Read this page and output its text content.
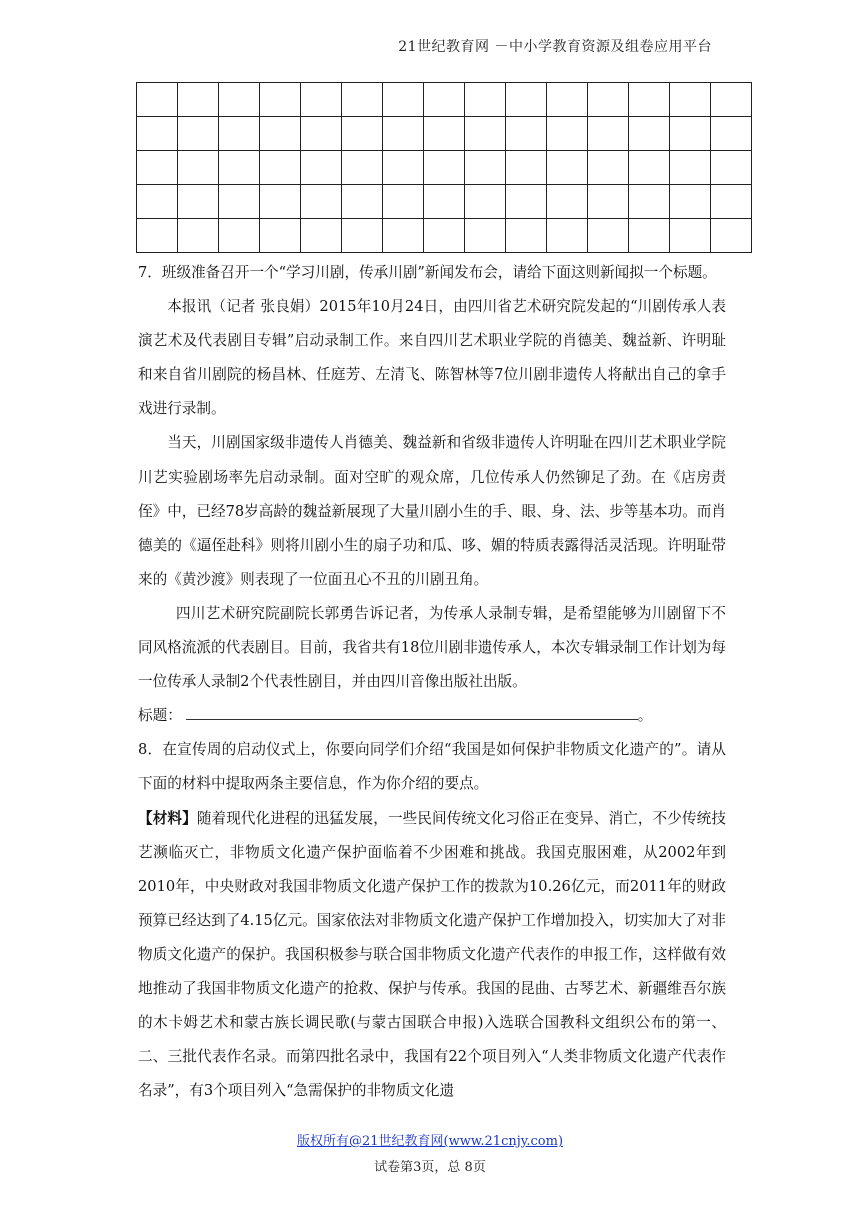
21世纪教育网 －中小学教育资源及组卷应用平台

7．班级准备召开一个“学习川剧，传承川剧”新闻发布会，请给下面这则新闻拟一个标题。

本报讯（记者 张良娟）2015年10月24日，由四川省艺术研究院发起的“川剧传承人表演艺术及代表剧目专辑”启动录制工作。来自四川艺术职业学院的肖德美、魏益新、许明耻和来自省川剧院的杨昌林、任庭芳、左清飞、陈智林等7位川剧非遗传人将献出自己的拿手戏进行录制。

当天，川剧国家级非遗传人肖德美、魏益新和省级非遗传人许明耻在四川艺术职业学院川艺实验剧场率先启动录制。面对空旷的观众席，几位传承人仍然铆足了劲。在《店房责侄》中，已经78岁高龄的魏益新展现了大量川剧小生的手、眼、身、法、步等基本功。而肖德美的《逼侄赴科》则将川剧小生的扇子功和瓜、哆、媚的特质表露得活灵活现。许明耻带来的《黄沙渡》则表现了一位面丑心不丑的川剧丑角。

四川艺术研究院副院长郭勇告诉记者，为传承人录制专辑，是希望能够为川剧留下不同风格流派的代表剧目。目前，我省共有18位川剧非遗传承人，本次专辑录制工作计划为每一位传承人录制2个代表性剧目，并由四川音像出版社出版。

标题：	。

8．在宣传周的启动仪式上，你要向同学们介绍“我国是如何保护非物质文化遗产的”。请从下面的材料中提取两条主要信息，作为你介绍的要点。

【材料】随着现代化进程的迅猛发展，一些民间传统文化习俗正在变异、消亡，不少传统技艺濒临灭亡，非物质文化遗产保护面临着不少困难和挑战。我国克服困难，从2002年到2010年，中央财政对我国非物质文化遗产保护工作的拨款为10.26亿元，而2011年的财政预算已经达到了4.15亿元。国家依法对非物质文化遗产保护工作增加投入，切实加大了对非物质文化遗产的保护。我国积极参与联合国非物质文化遗产代表作的申报工作，这样做有效地推动了我国非物质文化遗产的抢救、保护与传承。我国的昆曲、古琴艺术、新疆维吾尔族的木卡姆艺术和蒙古族长调民歌(与蒙古国联合申报)入选联合国教科文组织公布的第一、二、三批代表作名录。而第四批名录中，我国有22个项目列入“人类非物质文化遗产代表作名录”，有3个项目列入“急需保护的非物质文化遗

版权所有@21世纪教育网(www.21cnjy.com)
试卷第3页，总 8页
